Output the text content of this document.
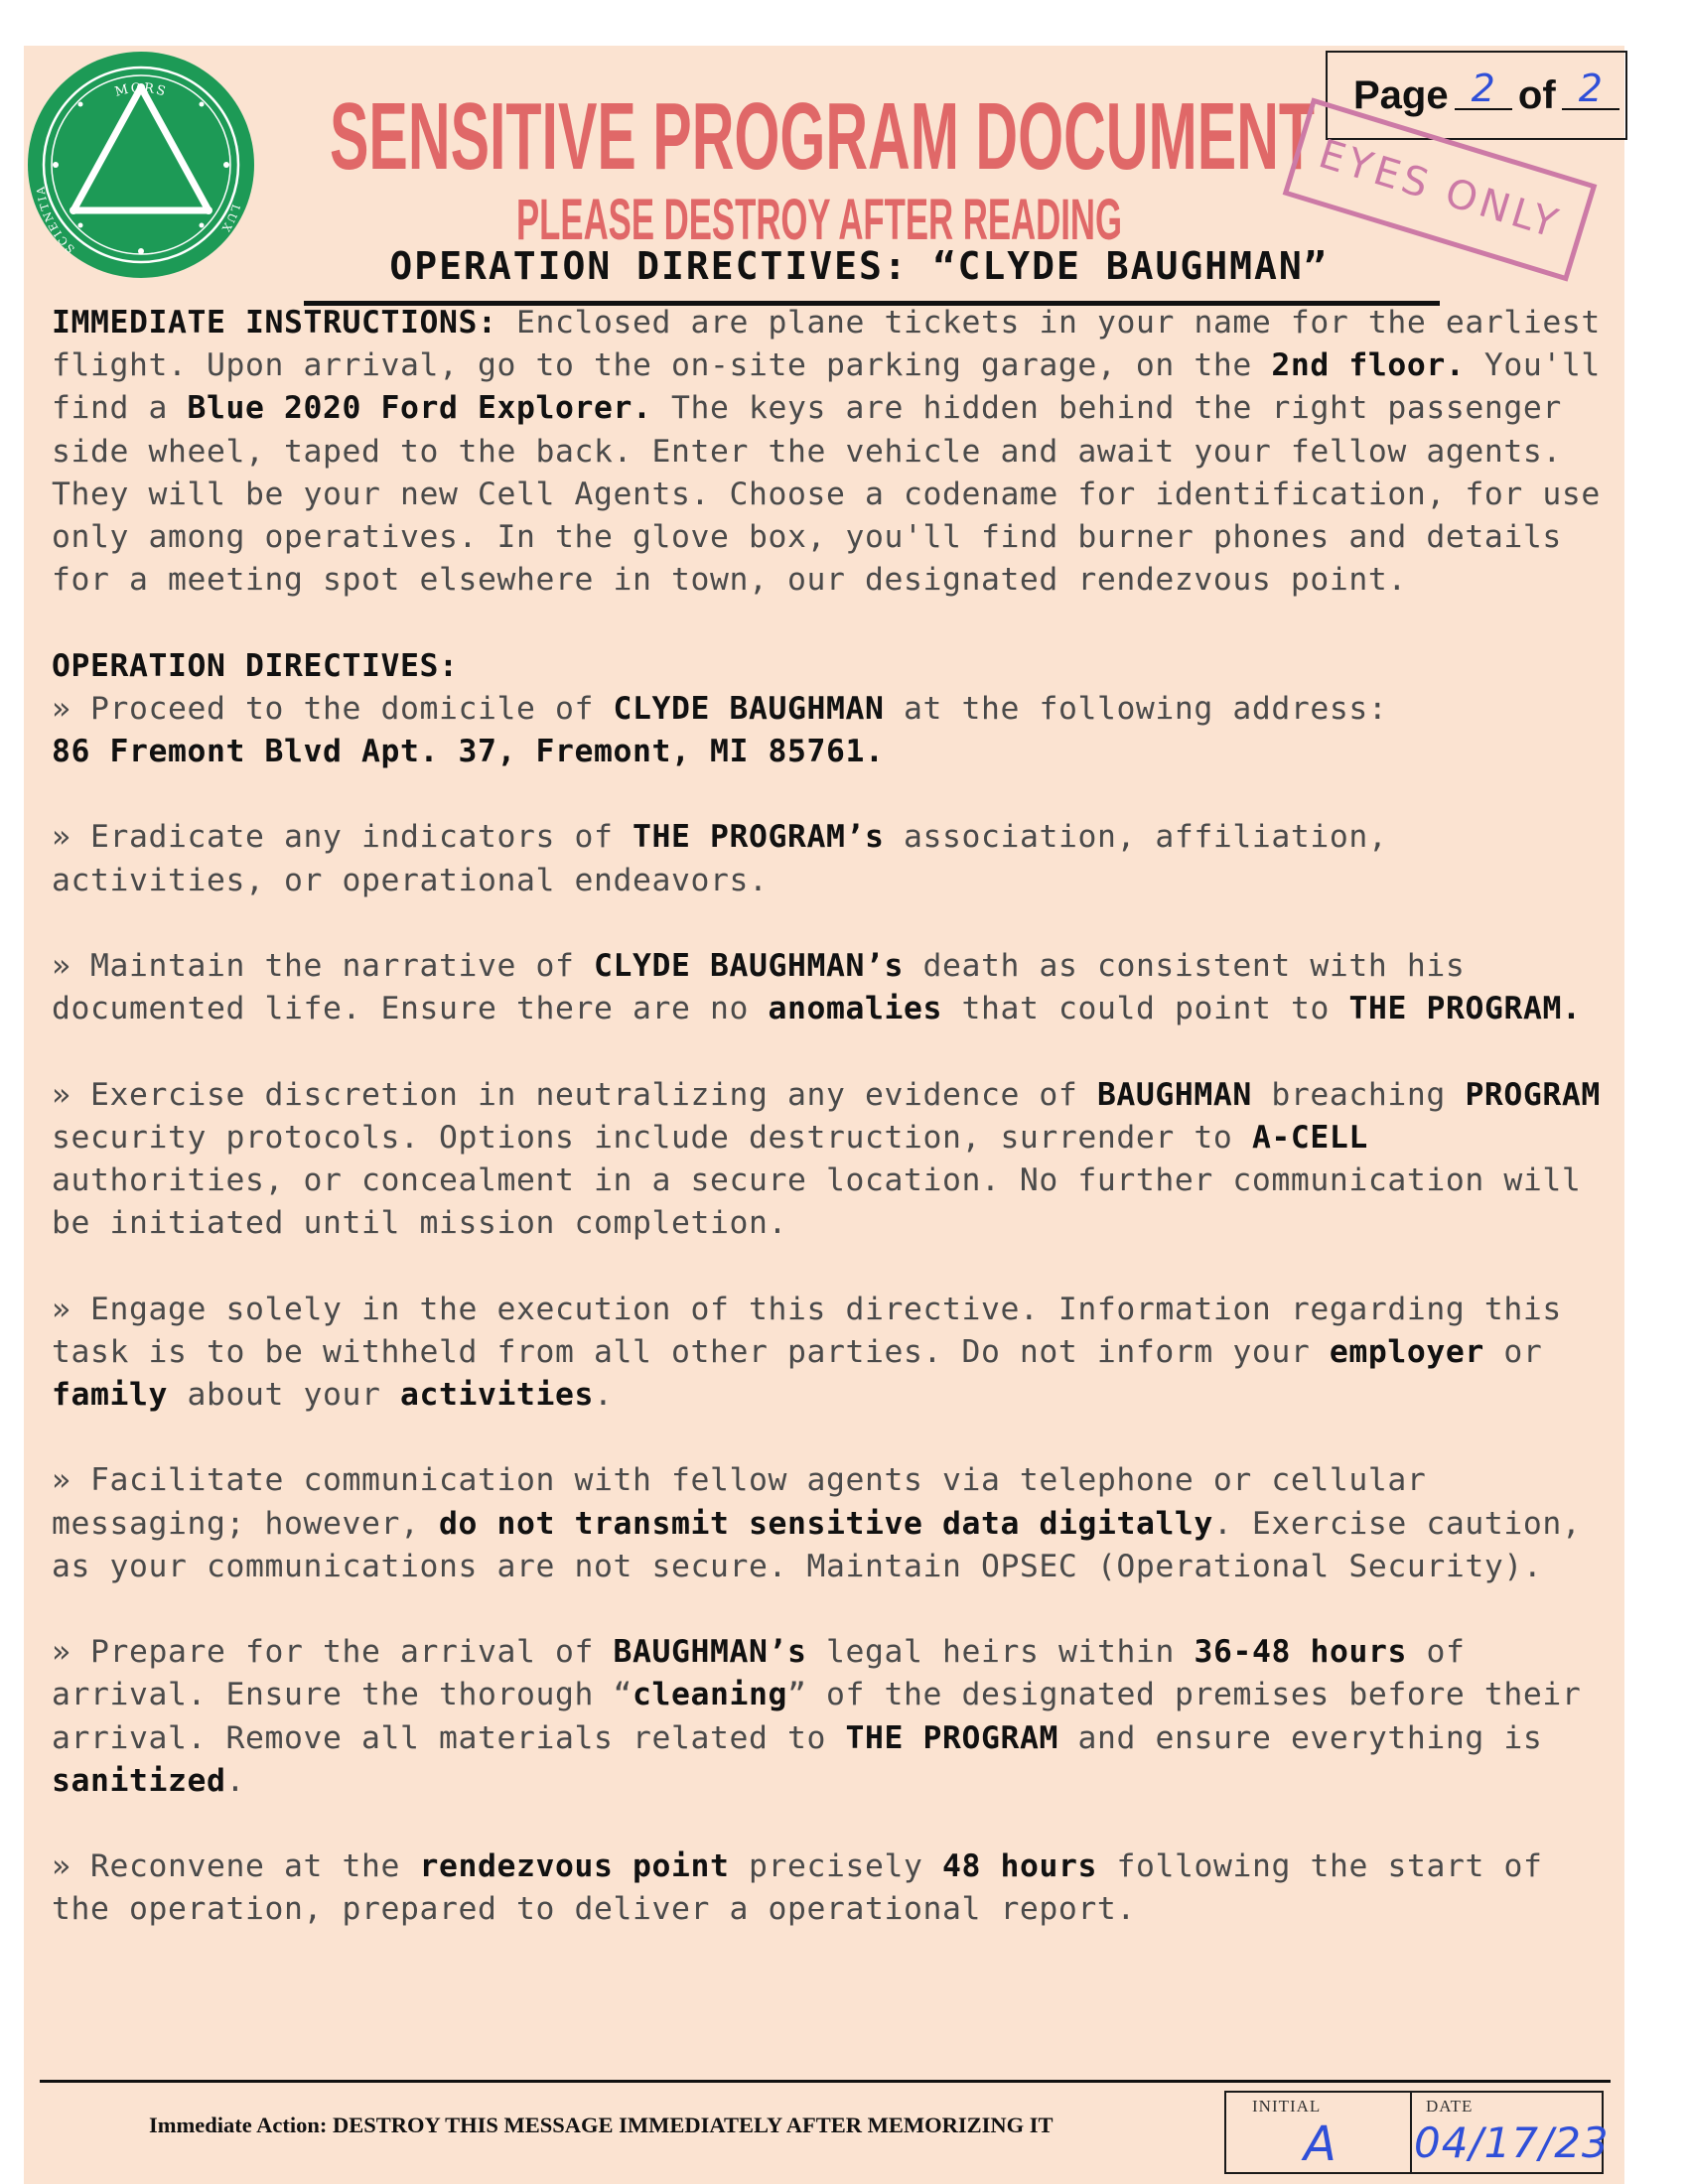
MORS
SCIENTIA
LUX
SENSITIVE PROGRAM DOCUMENT
PLEASE DESTROY AFTER READING
OPERATION DIRECTIVES: “CLYDE BAUGHMAN”
Page 2 of 2
EYES ONLY

IMMEDIATE INSTRUCTIONS: Enclosed are plane tickets in your name for the earliest flight. Upon arrival, go to the on-site parking garage, on the 2nd floor. You'll find a Blue 2020 Ford Explorer. The keys are hidden behind the right passenger side wheel, taped to the back. Enter the vehicle and await your fellow agents. They will be your new Cell Agents. Choose a codename for identification, for use only among operatives. In the glove box, you'll find burner phones and details for a meeting spot elsewhere in town, our designated rendezvous point.

OPERATION DIRECTIVES:

» Proceed to the domicile of CLYDE BAUGHMAN at the following address:
86 Fremont Blvd Apt. 37, Fremont, MI 85761.

» Eradicate any indicators of THE PROGRAM’s association, affiliation, activities, or operational endeavors.

» Maintain the narrative of CLYDE BAUGHMAN’s death as consistent with his documented life. Ensure there are no anomalies that could point to THE PROGRAM.

» Exercise discretion in neutralizing any evidence of BAUGHMAN breaching PROGRAM security protocols. Options include destruction, surrender to A-CELL authorities, or concealment in a secure location. No further communication will be initiated until mission completion.

» Engage solely in the execution of this directive. Information regarding this task is to be withheld from all other parties. Do not inform your employer or family about your activities.

» Facilitate communication with fellow agents via telephone or cellular messaging; however, do not transmit sensitive data digitally. Exercise caution, as your communications are not secure. Maintain OPSEC (Operational Security).

» Prepare for the arrival of BAUGHMAN’s legal heirs within 36-48 hours of arrival. Ensure the thorough “cleaning” of the designated premises before their arrival. Remove all materials related to THE PROGRAM and ensure everything is sanitized.

» Reconvene at the rendezvous point precisely 48 hours following the start of the operation, prepared to deliver a operational report.

Immediate Action: DESTROY THIS MESSAGE IMMEDIATELY AFTER MEMORIZING IT
INITIAL
A
DATE
04/17/23
